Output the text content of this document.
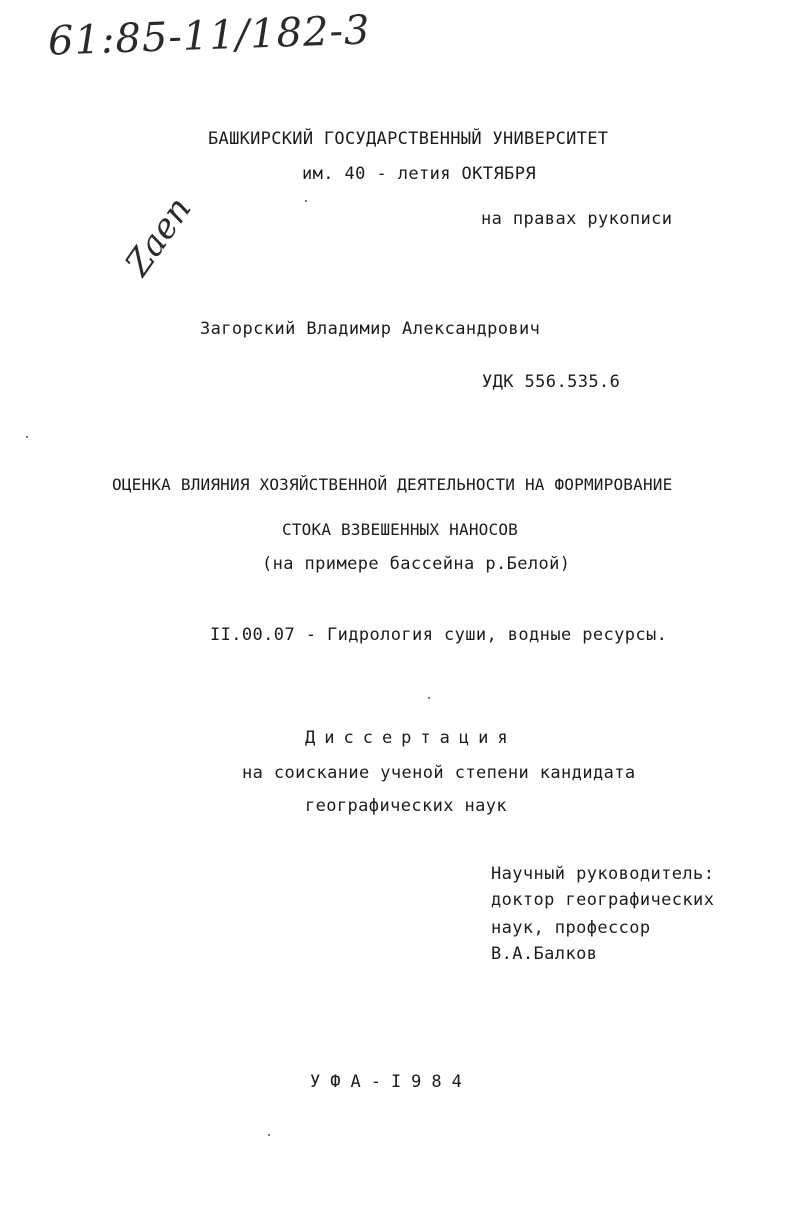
61:85-11/182-3
Zaen
БАШКИРСКИЙ ГОСУДАРСТВЕННЫЙ УНИВЕРСИТЕТ
им. 40 - летия ОКТЯБРЯ
на правах рукописи
Загорский Владимир Александрович
УДК 556.535.6
ОЦЕНКА ВЛИЯНИЯ ХОЗЯЙСТВЕННОЙ ДЕЯТЕЛЬНОСТИ НА ФОРМИРОВАНИЕ
СТОКА ВЗВЕШЕННЫХ НАНОСОВ
(на примере бассейна р.Белой)
II.00.07 - Гидрология суши, водные ресурсы.
Диссертация
на соискание ученой степени кандидата
географических наук
Научный руководитель:
доктор географических
наук, профессор
В.А.Балков
УФА-I984
